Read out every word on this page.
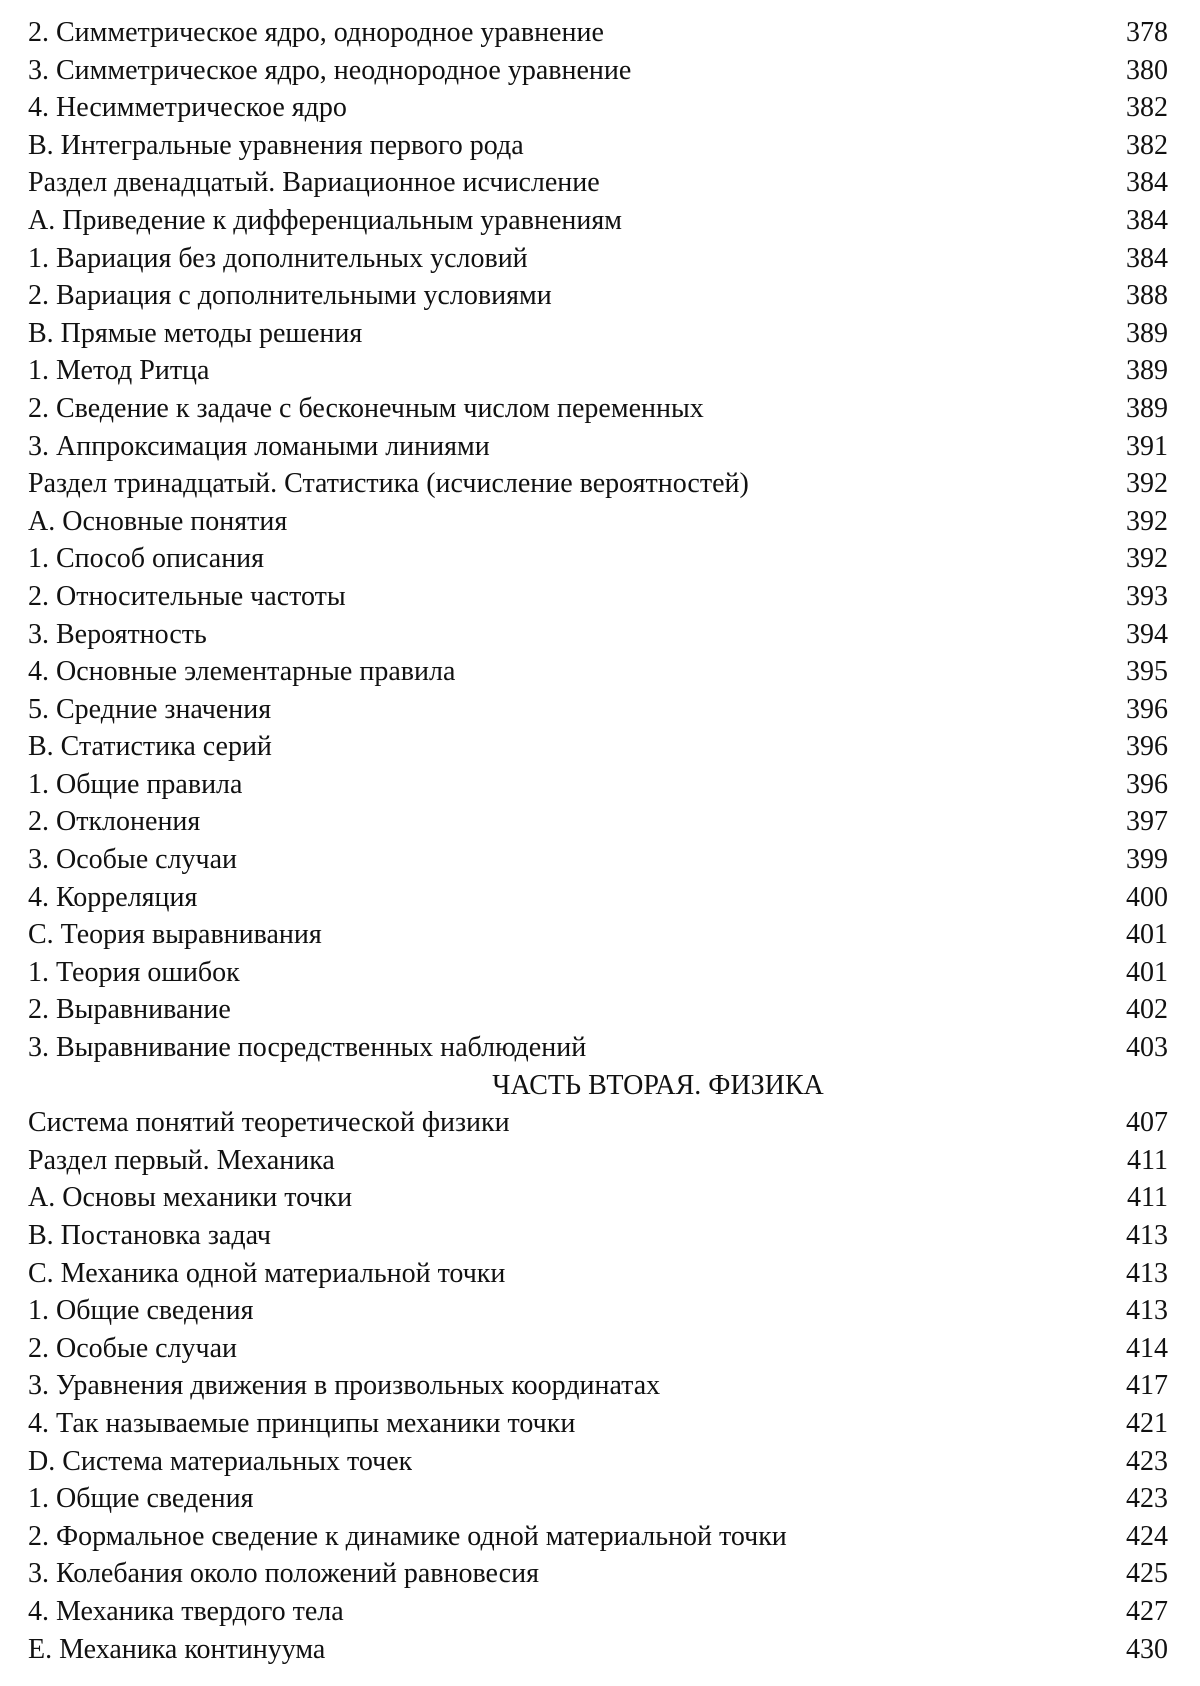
2. Симметрическое ядро, однородное уравнение	378
3. Симметрическое ядро, неоднородное уравнение	380
4. Несимметрическое ядро	382
B. Интегральные уравнения первого рода	382
Раздел двенадцатый. Вариационное исчисление	384
A. Приведение к дифференциальным уравнениям	384
1. Вариация без дополнительных условий	384
2. Вариация с дополнительными условиями	388
B. Прямые методы решения	389
1. Метод Ритца	389
2. Сведение к задаче с бесконечным числом переменных	389
3. Аппроксимация ломаными линиями	391
Раздел тринадцатый. Статистика (исчисление вероятностей)	392
A. Основные понятия	392
1. Способ описания	392
2. Относительные частоты	393
3. Вероятность	394
4. Основные элементарные правила	395
5. Средние значения	396
B. Статистика серий	396
1. Общие правила	396
2. Отклонения	397
3. Особые случаи	399
4. Корреляция	400
C. Теория выравнивания	401
1. Теория ошибок	401
2. Выравнивание	402
3. Выравнивание посредственных наблюдений	403
ЧАСТЬ ВТОРАЯ. ФИЗИКА
Система понятий теоретической физики	407
Раздел первый. Механика	411
A. Основы механики точки	411
B. Постановка задач	413
C. Механика одной материальной точки	413
1. Общие сведения	413
2. Особые случаи	414
3. Уравнения движения в произвольных координатах	417
4. Так называемые принципы механики точки	421
D. Система материальных точек	423
1. Общие сведения	423
2. Формальное сведение к динамике одной материальной точки	424
3. Колебания около положений равновесия	425
4. Механика твердого тела	427
E. Механика континуума	430
